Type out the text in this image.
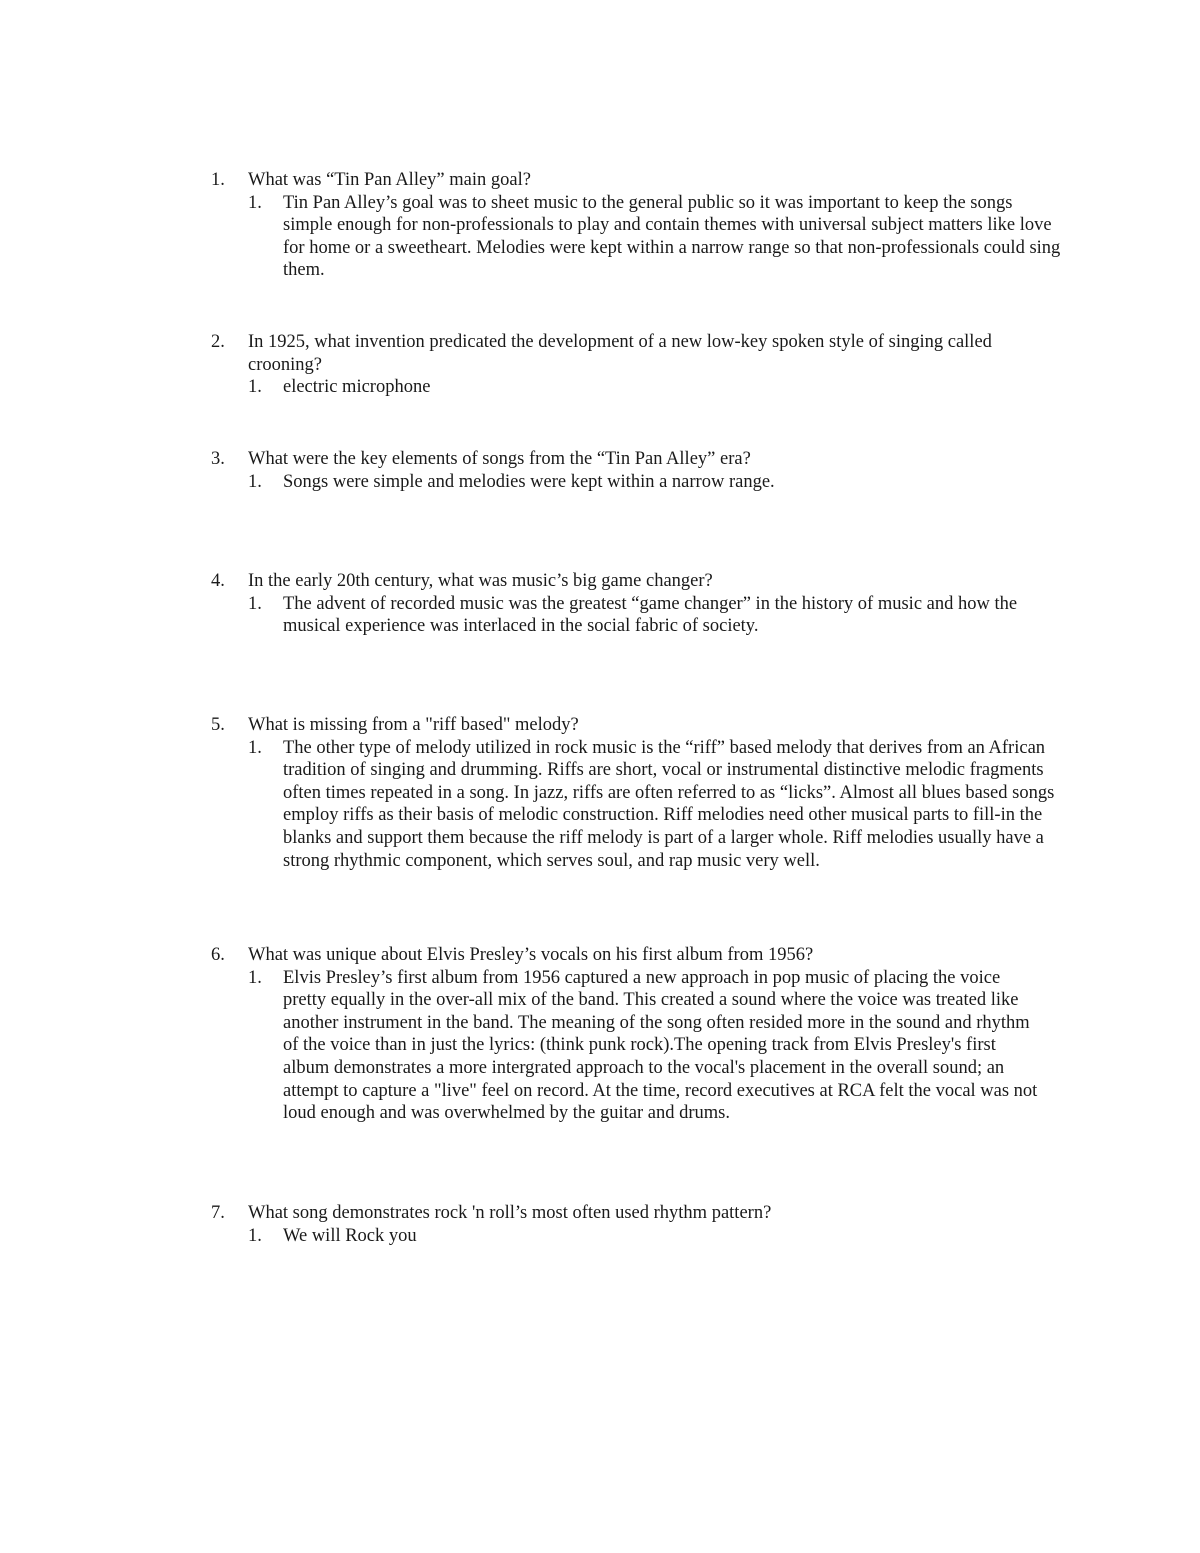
1. What was “Tin Pan Alley” main goal?
1. Tin Pan Alley’s goal was to sheet music to the general public so it was important to keep the songs simple enough for non-professionals to play and contain themes with universal subject matters like love for home or a sweetheart. Melodies were kept within a narrow range so that non-professionals could sing them.
2. In 1925, what invention predicated the development of a new low-key spoken style of singing called crooning?
1. electric microphone
3. What were the key elements of songs from the “Tin Pan Alley” era?
1. Songs were simple and melodies were kept within a narrow range.
4. In the early 20th century, what was music’s big game changer?
1. The advent of recorded music was the greatest “game changer” in the history of music and how the musical experience was interlaced in the social fabric of society.
5. What is missing from a "riff based" melody?
1. The other type of melody utilized in rock music is the “riff” based melody that derives from an African tradition of singing and drumming. Riffs are short, vocal or instrumental distinctive melodic fragments often times repeated in a song. In jazz, riffs are often referred to as “licks”. Almost all blues based songs employ riffs as their basis of melodic construction. Riff melodies need other musical parts to fill-in the blanks and support them because the riff melody is part of a larger whole. Riff melodies usually have a strong rhythmic component, which serves soul, and rap music very well.
6. What was unique about Elvis Presley’s vocals on his first album from 1956?
1. Elvis Presley’s first album from 1956 captured a new approach in pop music of placing the voice pretty equally in the over-all mix of the band. This created a sound where the voice was treated like another instrument in the band. The meaning of the song often resided more in the sound and rhythm of the voice than in just the lyrics: (think punk rock).The opening track from Elvis Presley's first album demonstrates a more intergrated approach to the vocal's placement in the overall sound; an attempt to capture a "live" feel on record. At the time, record executives at RCA felt the vocal was not loud enough and was overwhelmed by the guitar and drums.
7. What song demonstrates rock 'n roll’s most often used rhythm pattern?
1. We will Rock you
